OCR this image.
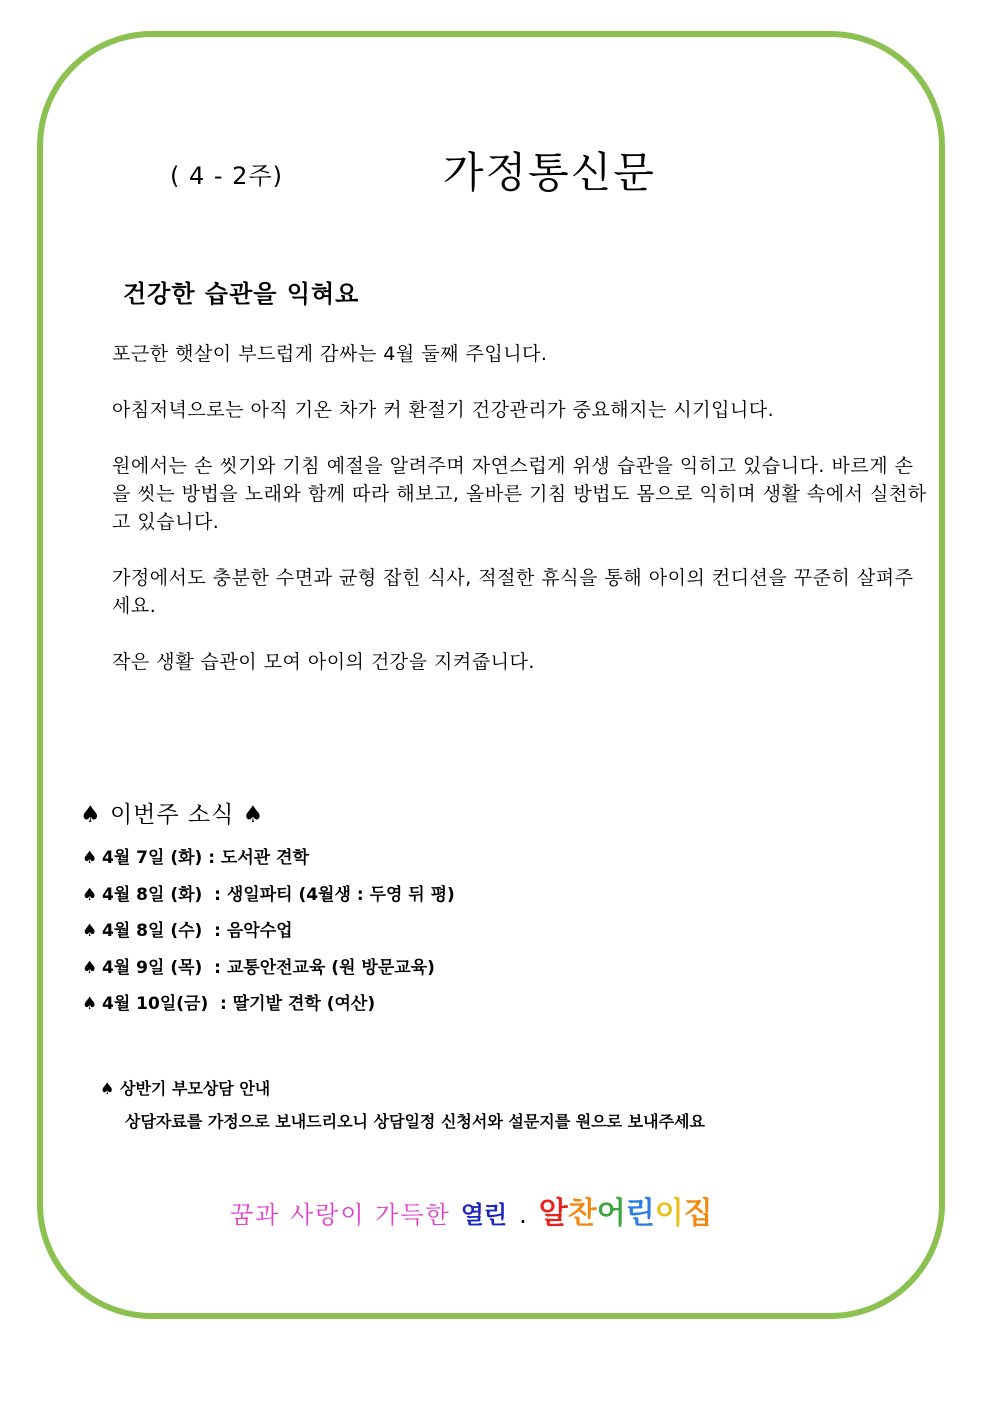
( 4 - 2주)	가정통신문
건강한 습관을 익혀요

포근한 햇살이 부드럽게 감싸는 4월 둘째 주입니다.

아침저녁으로는 아직 기온 차가 커 환절기 건강관리가 중요해지는 시기입니다.

원에서는 손 씻기와 기침 예절을 알려주며 자연스럽게 위생 습관을 익히고 있습니다. 바르게 손을 씻는 방법을 노래와 함께 따라 해보고, 올바른 기침 방법도 몸으로 익히며 생활 속에서 실천하고 있습니다.

가정에서도 충분한 수면과 균형 잡힌 식사, 적절한 휴식을 통해 아이의 컨디션을 꾸준히 살펴주세요.

작은 생활 습관이 모여 아이의 건강을 지켜줍니다.

♠ 이번주 소식 ♠
♠ 4월 7일 (화) : 도서관 견학
♠ 4월 8일 (화)  : 생일파티 (4월생 : 두영 뒤 평)
♠ 4월 8일 (수)  : 음악수업
♠ 4월 9일 (목)  : 교통안전교육 (원 방문교육)
♠ 4월 10일(금)  : 딸기밭 견학 (여산)
♠ 상반기 부모상담 안내
상담자료를 가정으로 보내드리오니 상담일정 신청서와 설문지를 원으로 보내주세요
꿈과 사랑이 가득한 열린 . 알찬어린이집
